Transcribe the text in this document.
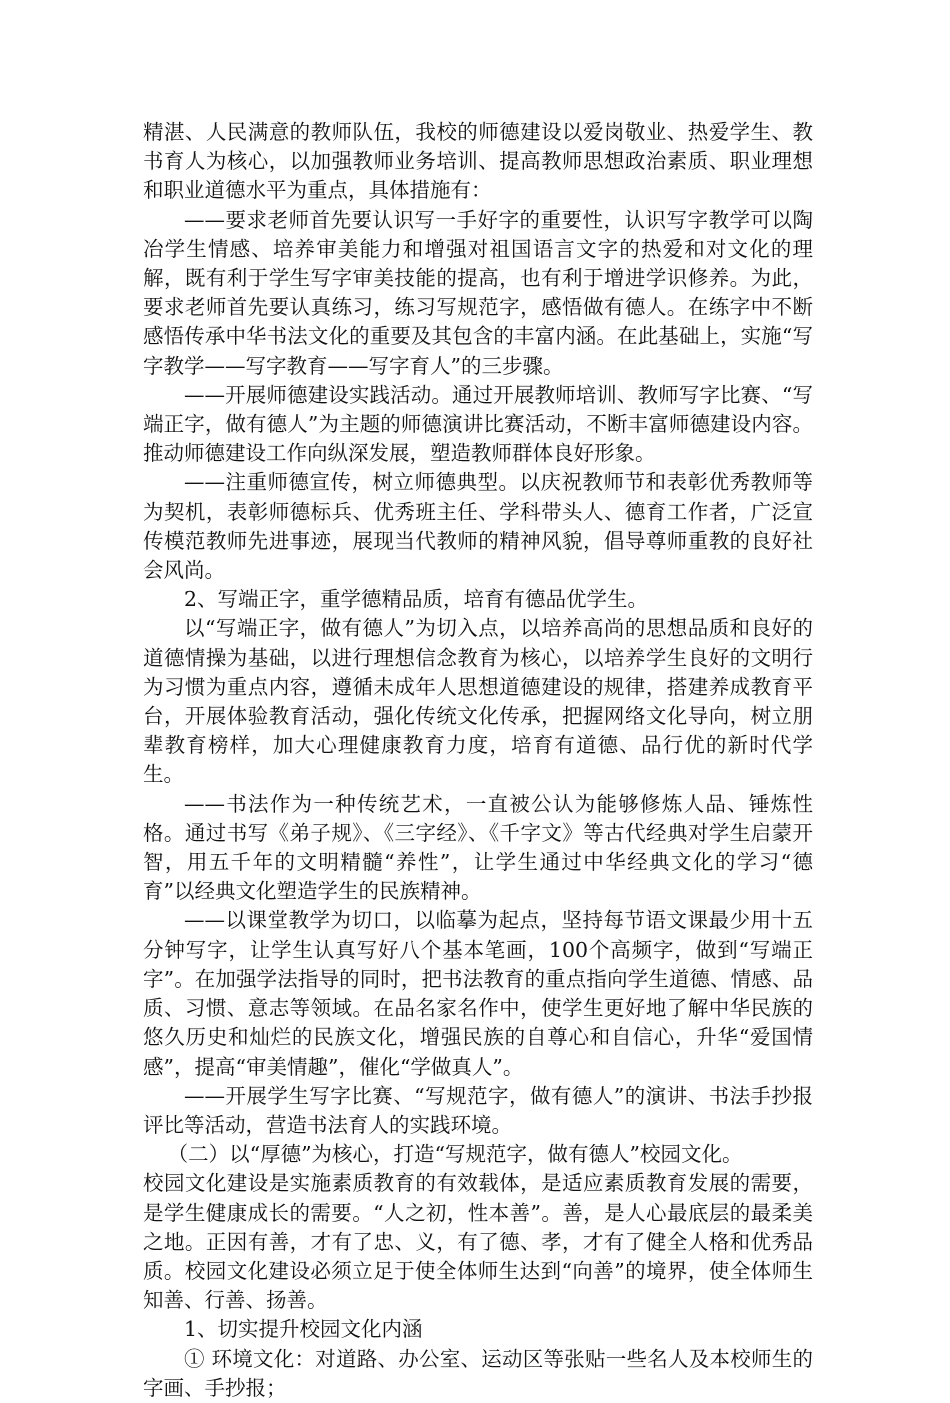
精湛、人民满意的教师队伍，我校的师德建设以爱岗敬业、热爱学生、教书育人为核心，以加强教师业务培训、提高教师思想政治素质、职业理想和职业道德水平为重点，具体措施有：

——要求老师首先要认识写一手好字的重要性，认识写字教学可以陶冶学生情感、培养审美能力和增强对祖国语言文字的热爱和对文化的理解，既有利于学生写字审美技能的提高，也有利于增进学识修养。为此，要求老师首先要认真练习，练习写规范字，感悟做有德人。在练字中不断感悟传承中华书法文化的重要及其包含的丰富内涵。在此基础上，实施“写字教学——写字教育——写字育人”的三步骤。

——开展师德建设实践活动。通过开展教师培训、教师写字比赛、“写端正字，做有德人”为主题的师德演讲比赛活动，不断丰富师德建设内容。推动师德建设工作向纵深发展，塑造教师群体良好形象。

——注重师德宣传，树立师德典型。以庆祝教师节和表彰优秀教师等为契机，表彰师德标兵、优秀班主任、学科带头人、德育工作者，广泛宣传模范教师先进事迹，展现当代教师的精神风貌，倡导尊师重教的良好社会风尚。

2、写端正字，重学德精品质，培育有德品优学生。

以“写端正字，做有德人”为切入点，以培养高尚的思想品质和良好的道德情操为基础，以进行理想信念教育为核心，以培养学生良好的文明行为习惯为重点内容，遵循未成年人思想道德建设的规律，搭建养成教育平台，开展体验教育活动，强化传统文化传承，把握网络文化导向，树立朋辈教育榜样，加大心理健康教育力度，培育有道德、品行优的新时代学生。

——书法作为一种传统艺术，一直被公认为能够修炼人品、锤炼性格。通过书写《弟子规》、《三字经》、《千字文》等古代经典对学生启蒙开智，用五千年的文明精髓“养性”，让学生通过中华经典文化的学习“德育”以经典文化塑造学生的民族精神。

——以课堂教学为切口，以临摹为起点，坚持每节语文课最少用十五分钟写字，让学生认真写好八个基本笔画，100个高频字，做到“写端正字”。在加强学法指导的同时，把书法教育的重点指向学生道德、情感、品质、习惯、意志等领域。在品名家名作中，使学生更好地了解中华民族的悠久历史和灿烂的民族文化，增强民族的自尊心和自信心，升华“爱国情感”，提高“审美情趣”，催化“学做真人”。

——开展学生写字比赛、“写规范字，做有德人”的演讲、书法手抄报评比等活动，营造书法育人的实践环境。

（二）以“厚德”为核心，打造“写规范字，做有德人”校园文化。

校园文化建设是实施素质教育的有效载体，是适应素质教育发展的需要，是学生健康成长的需要。“人之初，性本善”。善，是人心最底层的最柔美之地。正因有善，才有了忠、义，有了德、孝，才有了健全人格和优秀品质。校园文化建设必须立足于使全体师生达到“向善”的境界，使全体师生知善、行善、扬善。

1、切实提升校园文化内涵

① 环境文化：对道路、办公室、运动区等张贴一些名人及本校师生的字画、手抄报；
